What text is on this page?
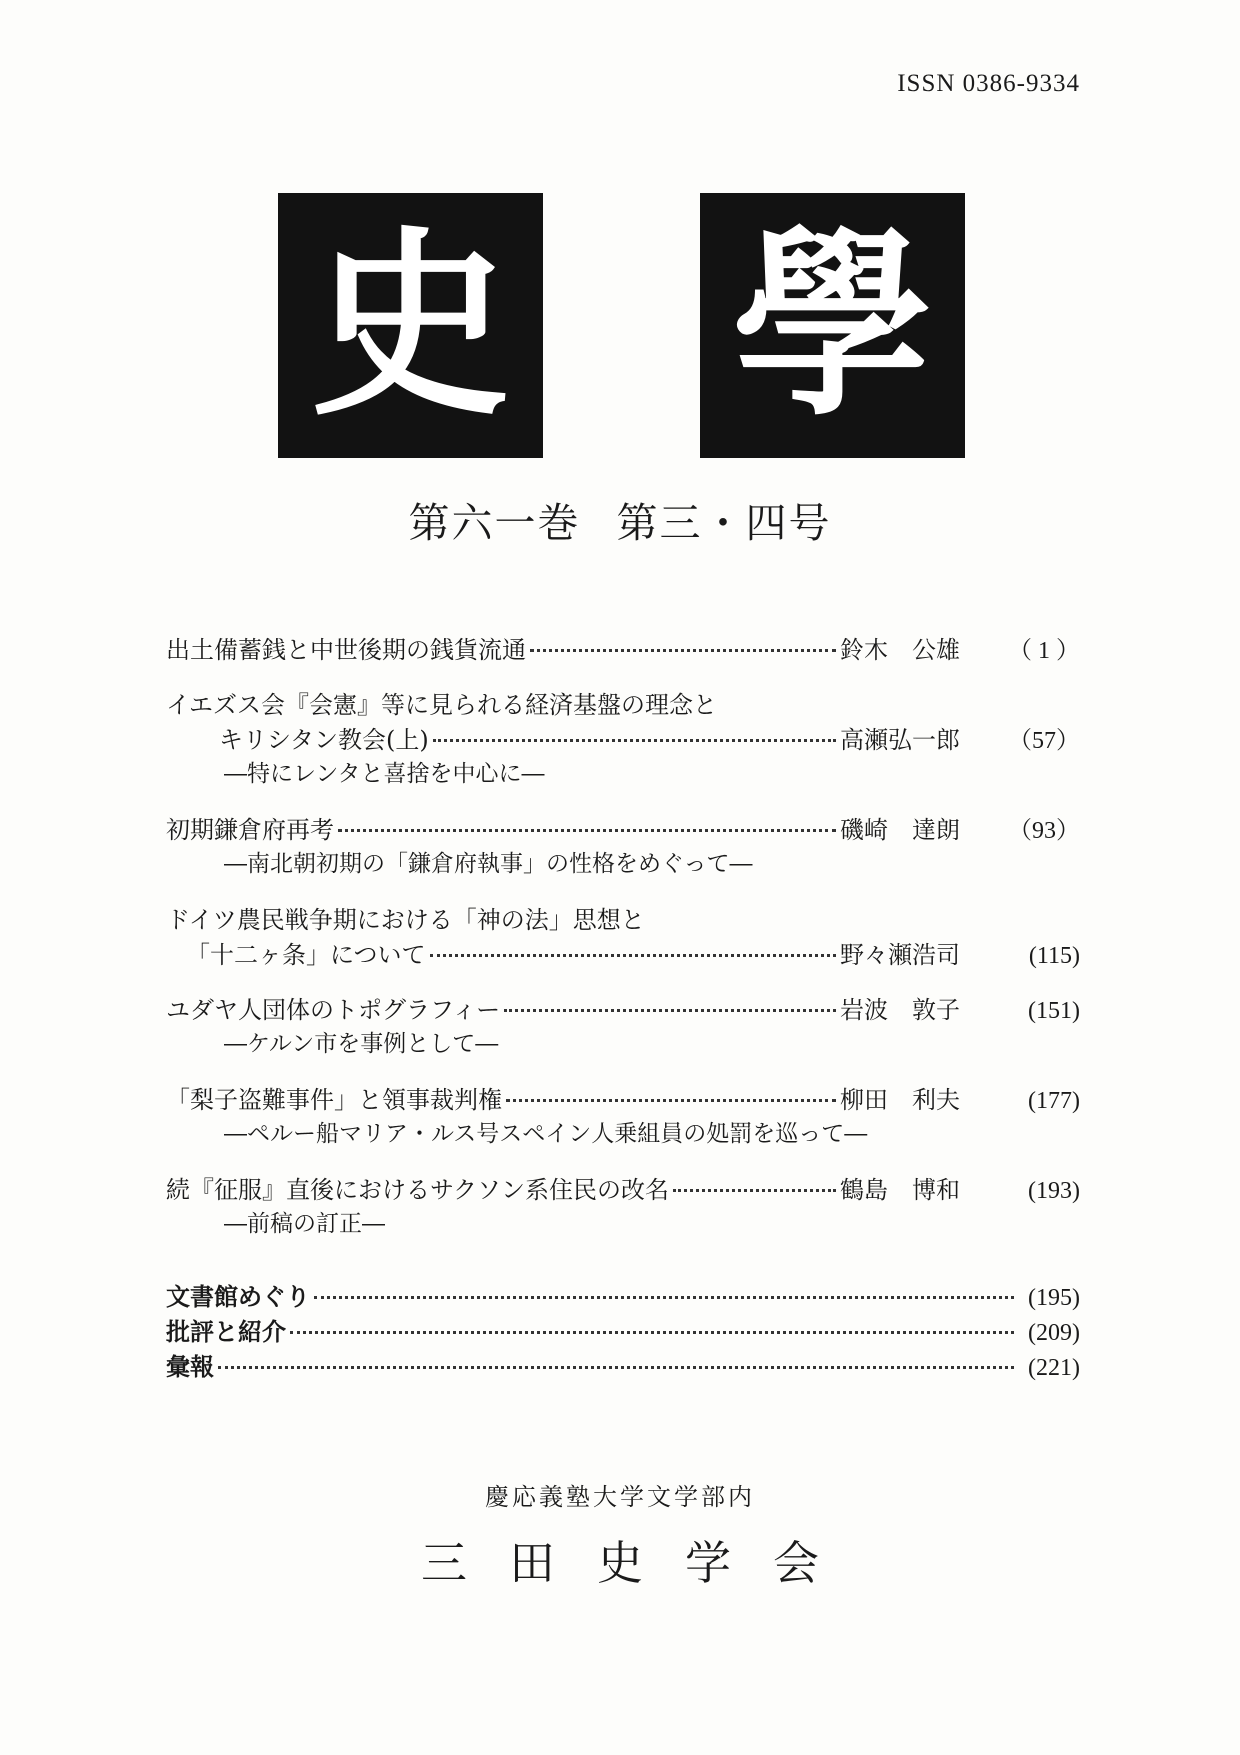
ISSN 0386-9334
史 學
第六一巻 第三・四号
出土備蓄銭と中世後期の銭貨流通	鈴木　公雄	（ 1 ）
イエズス会『会憲』等に見られる経済基盤の理念と
キリシタン教会(上)	高瀬弘一郎	（57）
―特にレンタと喜捨を中心に―
初期鎌倉府再考	磯崎　達朗	（93）
―南北朝初期の「鎌倉府執事」の性格をめぐって―
ドイツ農民戦争期における「神の法」思想と
「十二ヶ条」について	野々瀬浩司	(115)
ユダヤ人団体のトポグラフィー	岩波　敦子	(151)
―ケルン市を事例として―
「梨子盗難事件」と領事裁判権	柳田　利夫	(177)
―ペルー船マリア・ルス号スペイン人乗組員の処罰を巡って―
続『征服』直後におけるサクソン系住民の改名	鶴島　博和	(193)
―前稿の訂正―
文書館めぐり	(195)
批評と紹介	(209)
彙報	(221)
慶応義塾大学文学部内
三田史学会
